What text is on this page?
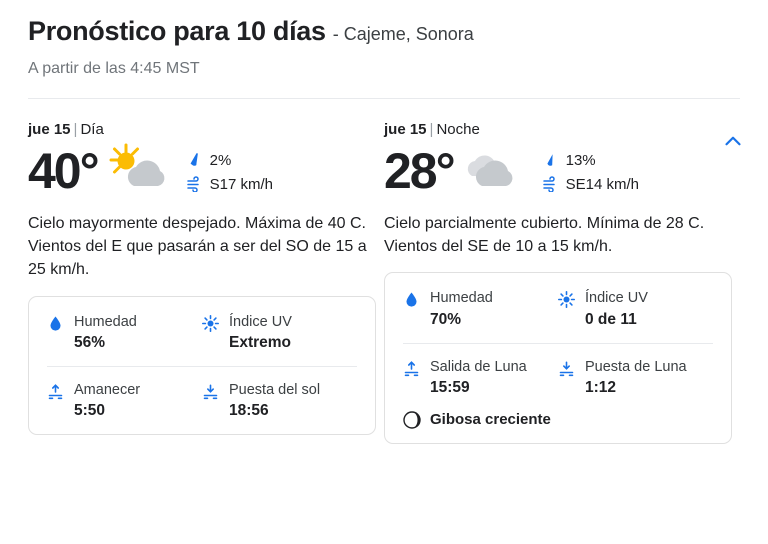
Pronóstico para 10 días - Cajeme, Sonora
A partir de las 4:45 MST
jue 15 | Día
40°	2%
S17 km/h
Cielo mayormente despejado. Máxima de 40 C. Vientos del E que pasarán a ser del SO de 15 a 25 km/h.
Humedad
56%
Índice UV
Extremo
Amanecer
5:50
Puesta del sol
18:56
jue 15 | Noche
28°	13%
SE14 km/h
Cielo parcialmente cubierto. Mínima de 28 C. Vientos del SE de 10 a 15 km/h.
Humedad
70%
Índice UV
0 de 11
Salida de Luna
15:59
Puesta de Luna
1:12
Gibosa creciente
